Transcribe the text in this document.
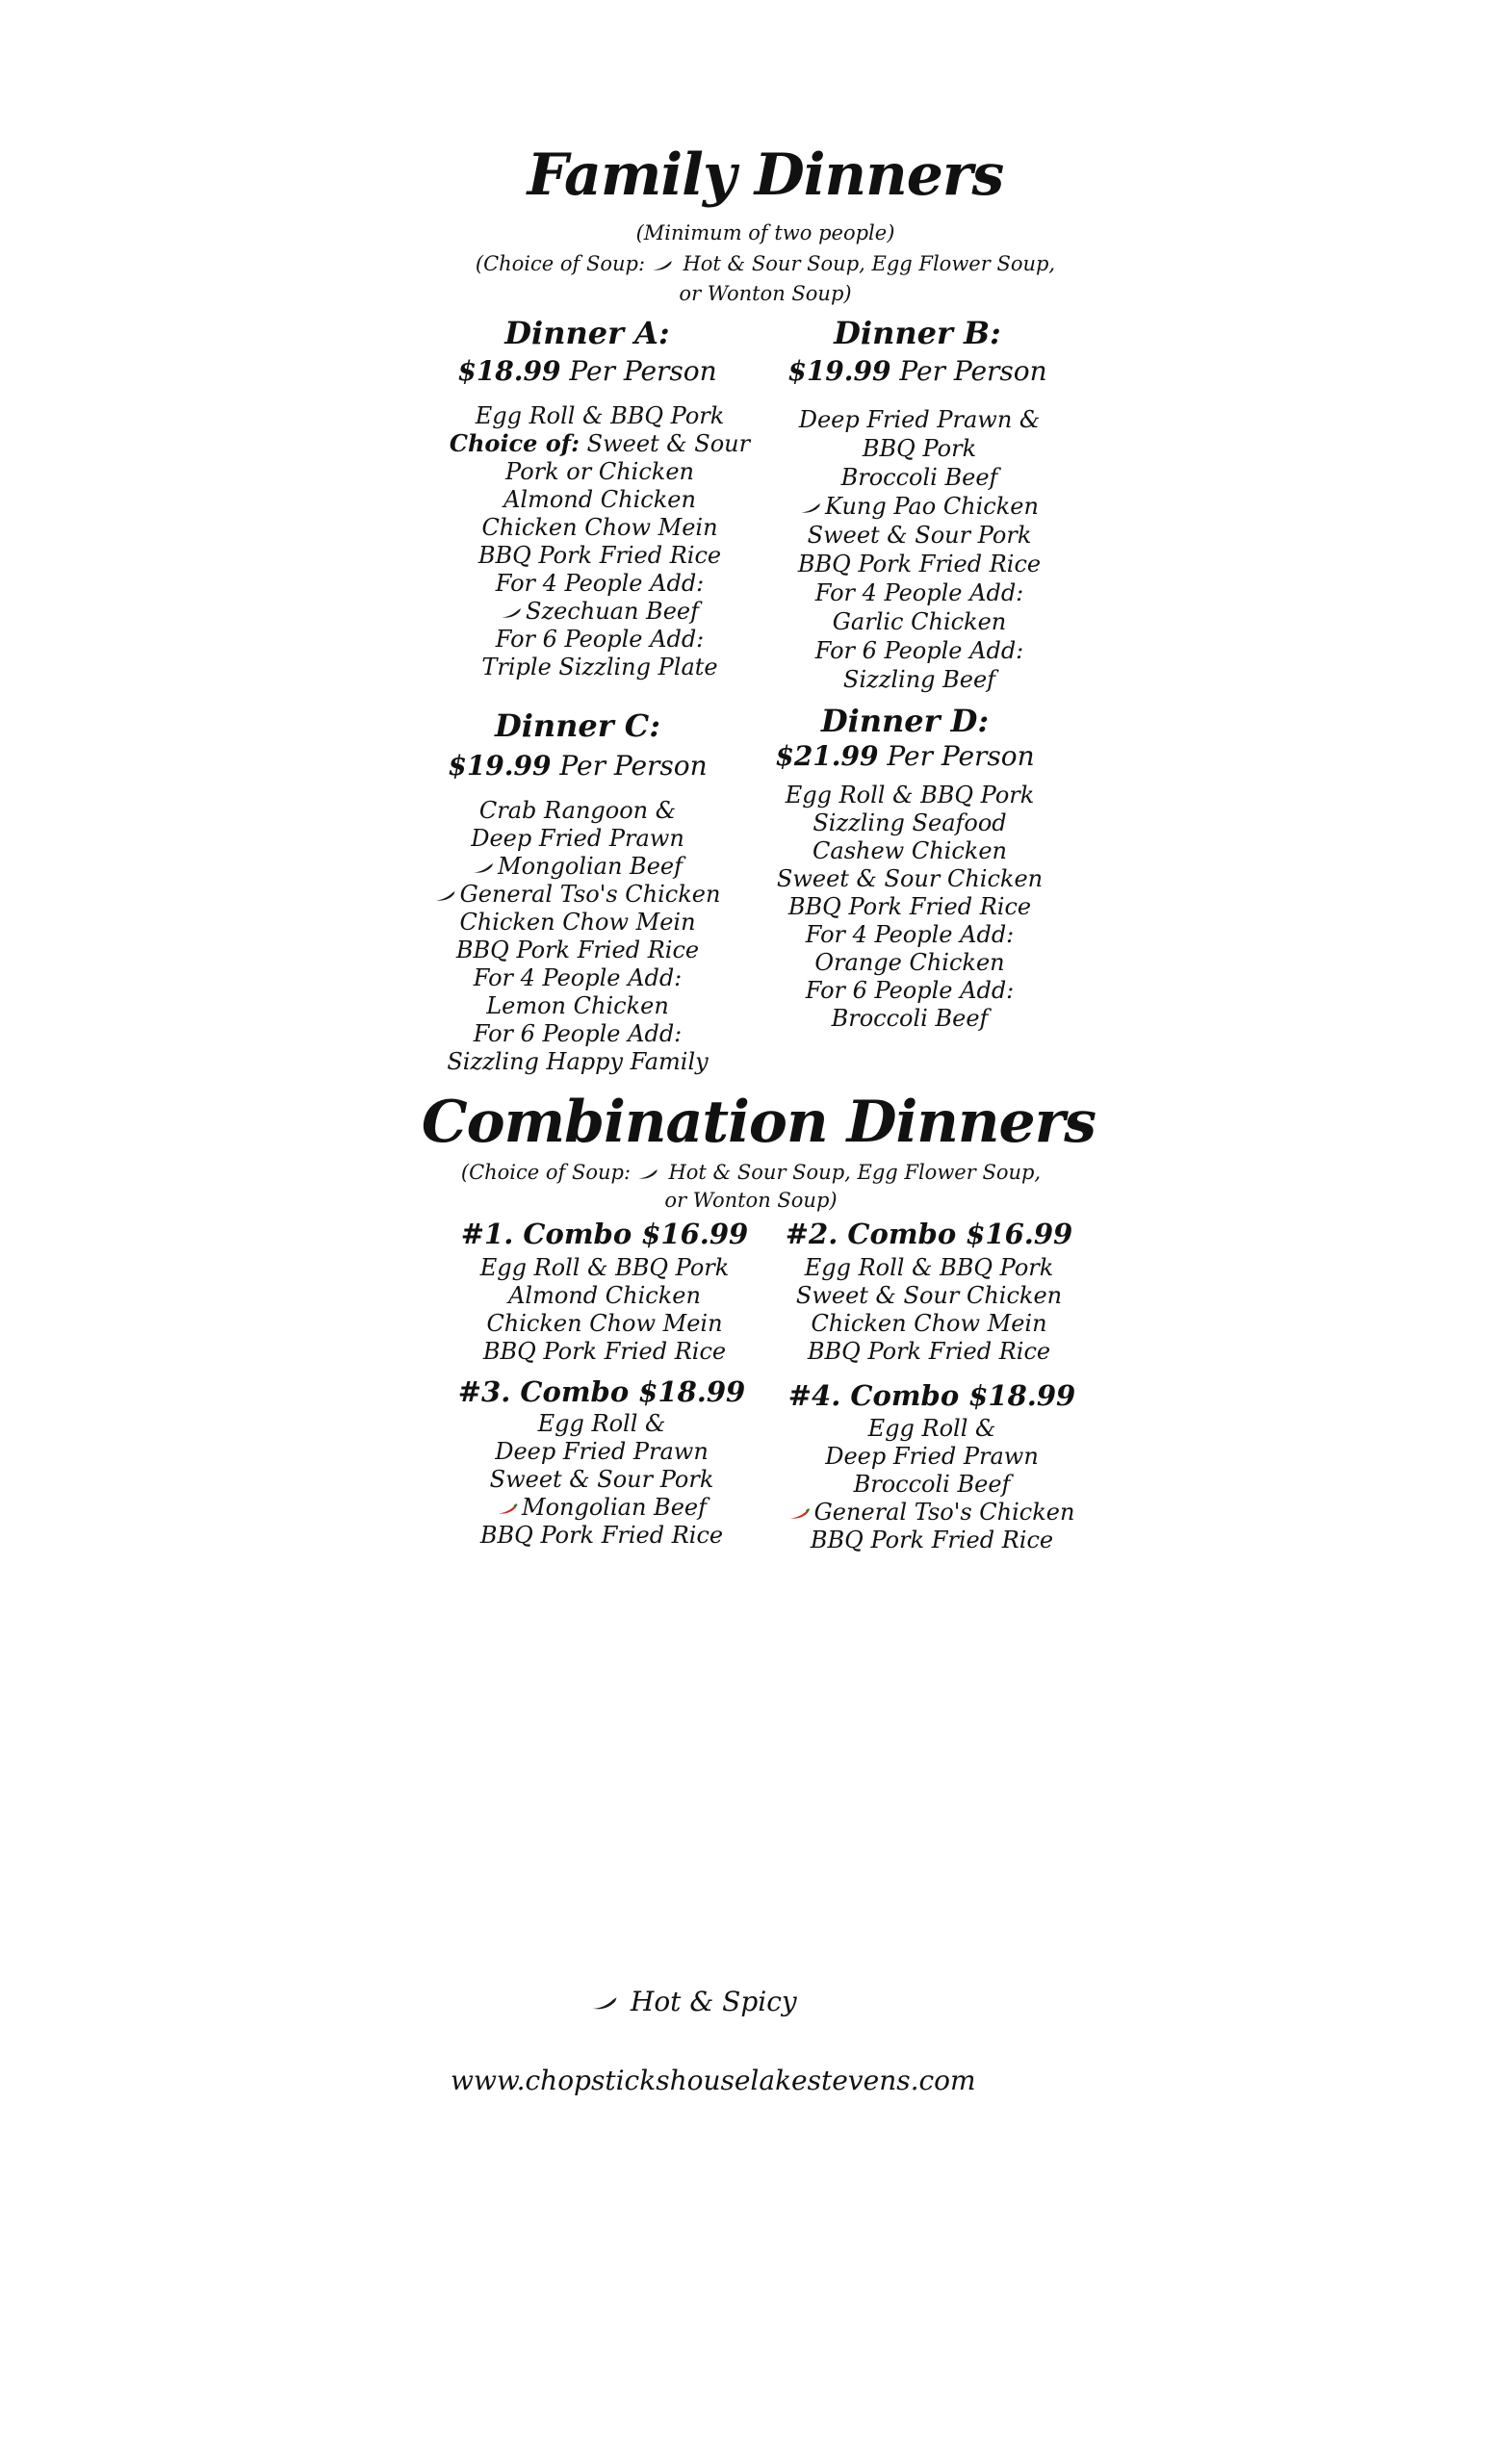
Family Dinners
(Minimum of two people)
(Choice of Soup: Hot & Sour Soup, Egg Flower Soup,
or Wonton Soup)
Dinner A:
$18.99 Per Person
Egg Roll & BBQ Pork
Choice of: Sweet & Sour
Pork or Chicken
Almond Chicken
Chicken Chow Mein
BBQ Pork Fried Rice
For 4 People Add:
Szechuan Beef
For 6 People Add:
Triple Sizzling Plate
Dinner B:
$19.99 Per Person
Deep Fried Prawn &
BBQ Pork
Broccoli Beef
Kung Pao Chicken
Sweet & Sour Pork
BBQ Pork Fried Rice
For 4 People Add:
Garlic Chicken
For 6 People Add:
Sizzling Beef
Dinner C:
$19.99 Per Person
Crab Rangoon &
Deep Fried Prawn
Mongolian Beef
General Tso's Chicken
Chicken Chow Mein
BBQ Pork Fried Rice
For 4 People Add:
Lemon Chicken
For 6 People Add:
Sizzling Happy Family
Dinner D:
$21.99 Per Person
Egg Roll & BBQ Pork
Sizzling Seafood
Cashew Chicken
Sweet & Sour Chicken
BBQ Pork Fried Rice
For 4 People Add:
Orange Chicken
For 6 People Add:
Broccoli Beef
Combination Dinners
(Choice of Soup: Hot & Sour Soup, Egg Flower Soup,
or Wonton Soup)
#1. Combo $16.99
Egg Roll & BBQ Pork
Almond Chicken
Chicken Chow Mein
BBQ Pork Fried Rice
#2. Combo $16.99
Egg Roll & BBQ Pork
Sweet & Sour Chicken
Chicken Chow Mein
BBQ Pork Fried Rice
#3. Combo $18.99
Egg Roll &
Deep Fried Prawn
Sweet & Sour Pork
Mongolian Beef
BBQ Pork Fried Rice
#4. Combo $18.99
Egg Roll &
Deep Fried Prawn
Broccoli Beef
General Tso's Chicken
BBQ Pork Fried Rice
Hot & Spicy
www.chopstickshouselakestevens.com
